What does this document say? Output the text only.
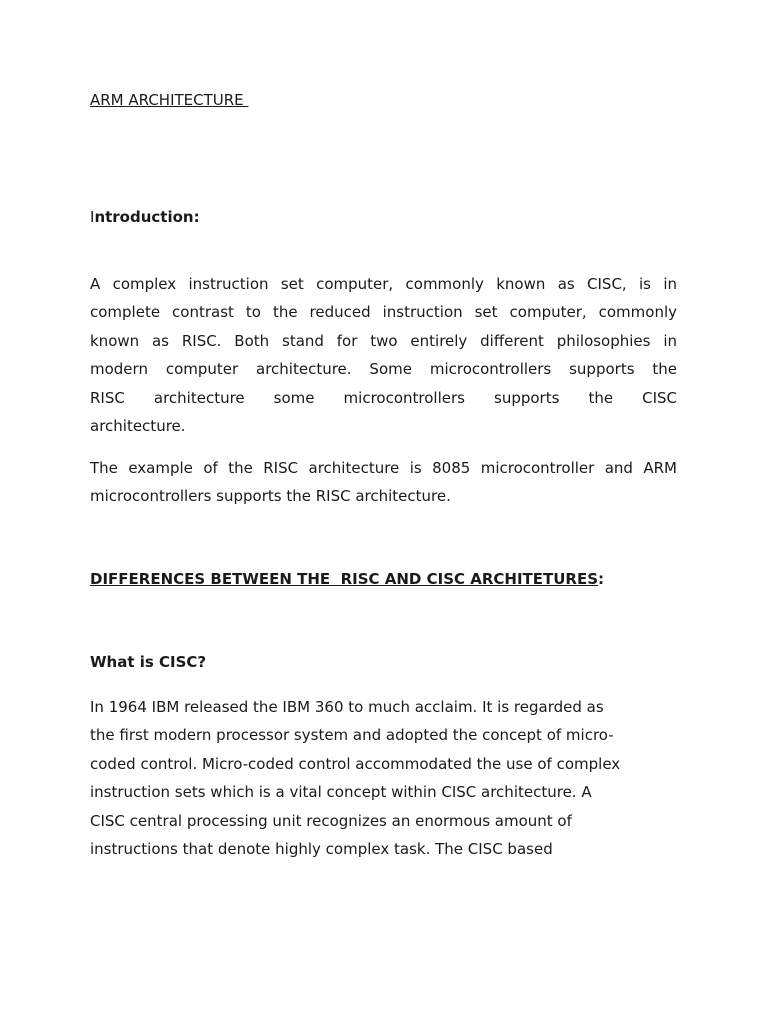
ARM ARCHITECTURE
Introduction:
A complex instruction set computer, commonly known as CISC, is in
complete contrast to the reduced instruction set computer, commonly
known as RISC. Both stand for two entirely different philosophies in
modern computer architecture. Some microcontrollers supports the
RISC architecture some microcontrollers supports the CISC
architecture.
The example of the RISC architecture is 8085 microcontroller and ARM
microcontrollers supports the RISC architecture.
DIFFERENCES BETWEEN THE  RISC AND CISC ARCHITETURES:
What is CISC?
In 1964 IBM released the IBM 360 to much acclaim. It is regarded as
the first modern processor system and adopted the concept of micro-
coded control. Micro-coded control accommodated the use of complex
instruction sets which is a vital concept within CISC architecture. A
CISC central processing unit recognizes an enormous amount of
instructions that denote highly complex task. The CISC based
